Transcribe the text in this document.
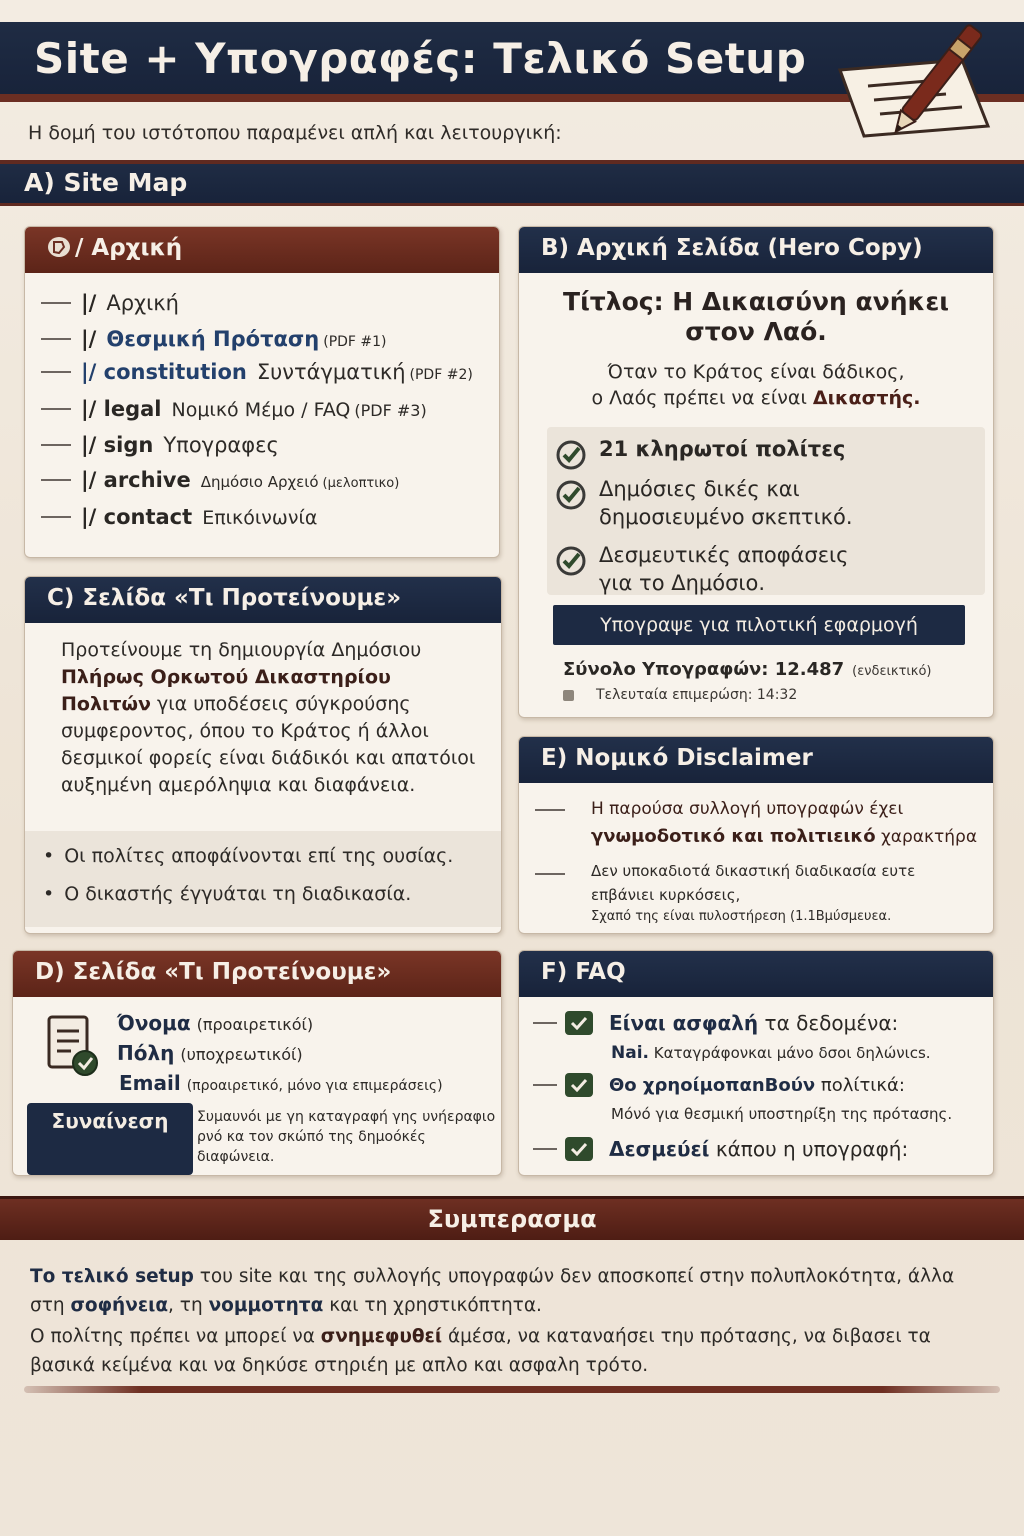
Site + Υπογραφές: Τελικό Setup
Η δομή του ιστότοπου παραμένει απλή και λειτουργική:
A) Site Map
/ Αρχική
|/ Αρχική
|/ Θεσμική Πρόταση (PDF #1)
|/ constitution Συντάγματική (PDF #2)
|/ legal Νομικό Μέμο / FAQ (PDF #3)
|/ sign Υπογραφες
|/ archive Δημόσιο Αρχειό (μελοπτικο)
|/ contact Επικόινωνία
B) Αρχική Σελίδα (Hero Copy)
Τίτλος: Η Δικαισύνη ανήκει
στον Λαό.
Όταν το Κράτος είναι δάδικος,
ο Λαός πρέπει να είναι Δικαστής.
21 κληρωτοί πολίτες
Δημόσιες δικές και
δημοσιευμένο σκεπτικό.
Δεσμευτικές αποφάσεις
για το Δημόσιο.
Υπογραψε για πιλοτική εφαρμογή
Σύνολο Υπογραφών: 12.487 (ενδεικτικό)
Τελευταία επιμερώση: 14:32
C) Σελίδα «Τι Προτείνουμε»
Προτείνουμε τη δημιουργία Δημόσιου
Πλήρως Ορκωτού Δικαστηρίου
Πολιτών για υποδέσεις σύγκρούσης συμφεροντος, όπου το Κράτος ή άλλοι δεσμικοί φορείς είναι διάδικόι και απατόιοι αυξημένη αμερόληψια και διαφάνεια.
• Οι πολίτες αποφάίνονται επί της ουσίας.
• Ο δικαστής έγγυάται τη διαδικασία.
E) Νομικό Disclaimer
Η παρούσα συλλογή υπογραφών έχει
γνωμοδοτικό και πολιτιεικό χαρακτήρα
Δεν υποκαδιοτά δικαστική διαδικασία ευτε
επβάνιει κυρκόσεις,
Σχαπό της είναι πυλοστήρεση (1.1Βμύσμευεα.
D) Σελίδα «Τι Προτείνουμε»
Όνομα (προαιρετικόί)
Πόλη (υποχρεωτικόί)
Email (προαιρετικό, μόνο για επιμεράσεις)
Συναίνεση	Συμαυνόι με γη καταγραφή γης υνήεραφιο ρνό κα τον σκώπό της δημοόκές διαφώνεια.
F) FAQ
Είναι ασφαλή τα δεδομένα:
Nai. Καταγράφονκαι μάνο δσοι δηλώνιcs.
Θο χρηοίμοπαnΒούν πολίτικά:
Μόνό για θεσμική υποστηρίξη της πρότασης.
Δεσμεύεί κάπου η υπογραφή:
Συμπερασμα
Το τελικό setup του site και της συλλογής υπογραφών δεν αποσκοπεί στην πολυπλοκότητα, άλλα στη σοφήνεια, τη νομμοτητα και τη χρηστικόπτητα.
Ο πολίτης πρέπει να μπορεί να σνημεφυθεί άμέσα, να καταναήσει τηυ πρότασης, να διβασει τα βασικά κείμένα και να δηκύσε στηριέη με απλο και ασφαλη τρότο.
